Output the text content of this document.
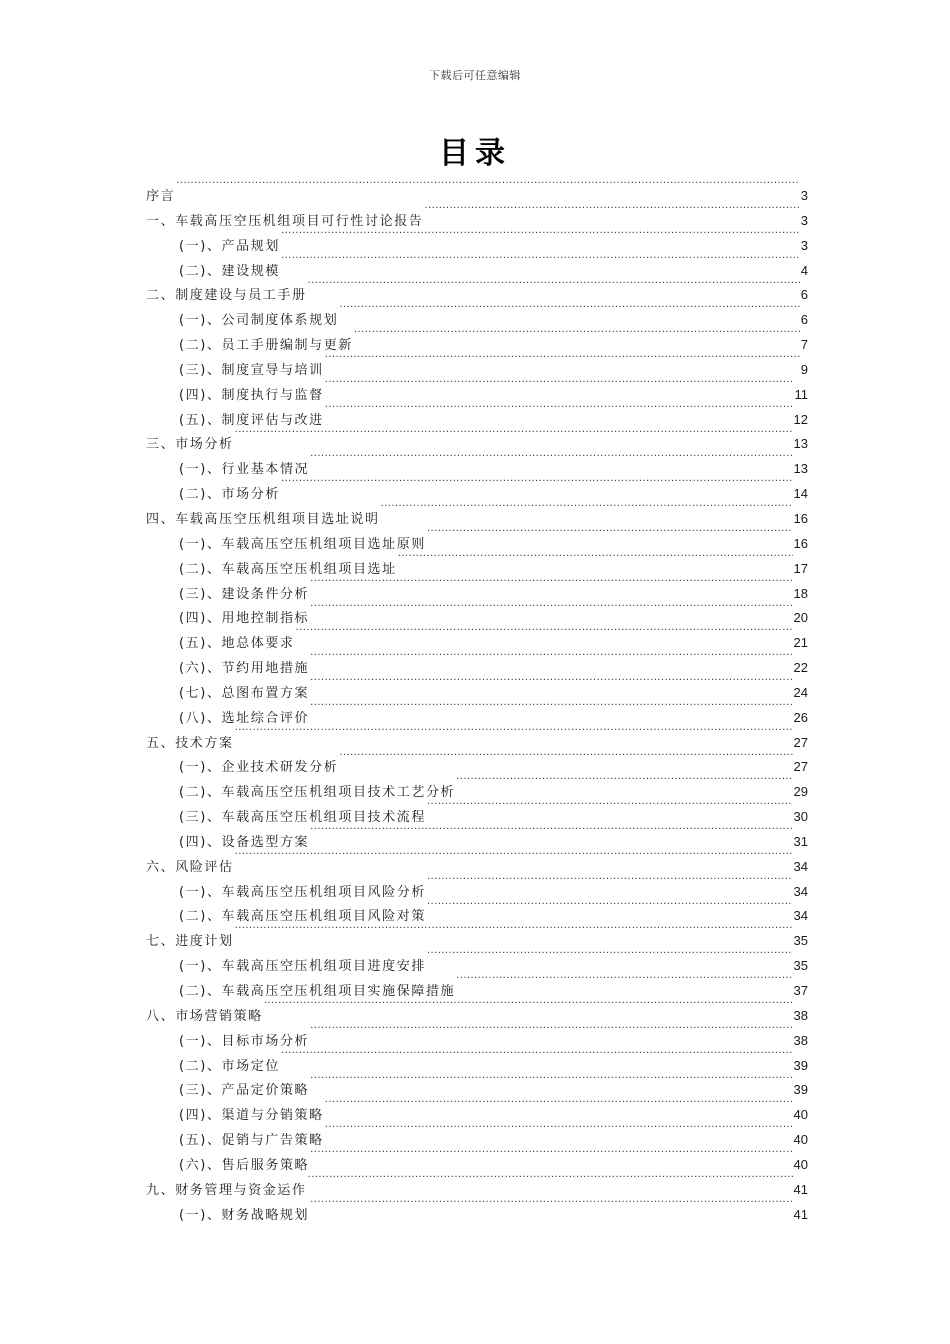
下载后可任意编辑
目录
序言 .....	3
一、车载高压空压机组项目可行性讨论报告 .....	3
(一)、产品规划 .....	3
(二)、建设规模 .....	4
二、制度建设与员工手册 .....	6
(一)、公司制度体系规划 .....	6
(二)、员工手册编制与更新 .....	7
(三)、制度宣导与培训 .....	9
(四)、制度执行与监督 .....	11
(五)、制度评估与改进 .....	12
三、市场分析 .....	13
(一)、行业基本情况 .....	13
(二)、市场分析 .....	14
四、车载高压空压机组项目选址说明 .....	16
(一)、车载高压空压机组项目选址原则 .....	16
(二)、车载高压空压机组项目选址 .....	17
(三)、建设条件分析 .....	18
(四)、用地控制指标 .....	20
(五)、地总体要求 .....	21
(六)、节约用地措施 .....	22
(七)、总图布置方案 .....	24
(八)、选址综合评价 .....	26
五、技术方案 .....	27
(一)、企业技术研发分析 .....	27
(二)、车载高压空压机组项目技术工艺分析 .....	29
(三)、车载高压空压机组项目技术流程 .....	30
(四)、设备选型方案 .....	31
六、风险评估 .....	34
(一)、车载高压空压机组项目风险分析 .....	34
(二)、车载高压空压机组项目风险对策 .....	34
七、进度计划 .....	35
(一)、车载高压空压机组项目进度安排 .....	35
(二)、车载高压空压机组项目实施保障措施 .....	37
八、市场营销策略 .....	38
(一)、目标市场分析 .....	38
(二)、市场定位 .....	39
(三)、产品定价策略 .....	39
(四)、渠道与分销策略 .....	40
(五)、促销与广告策略 .....	40
(六)、售后服务策略 .....	40
九、财务管理与资金运作 .....	41
(一)、财务战略规划 .....	41
